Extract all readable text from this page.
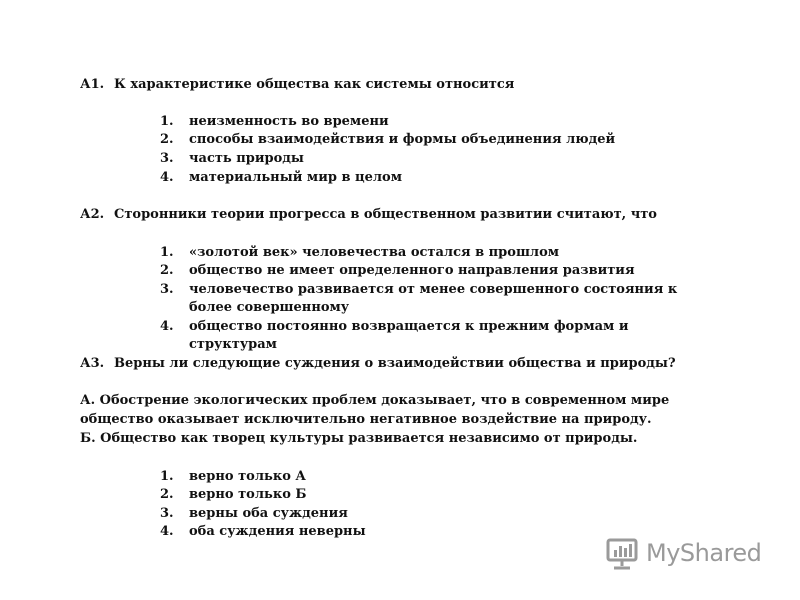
А1. К характеристике общества как системы относится
1. неизменность во времени
2. способы взаимодействия и формы объединения людей
3. часть природы
4. материальный мир в целом
А2. Сторонники теории прогресса в общественном развитии считают, что
1. «золотой век» человечества остался в прошлом
2. общество не имеет определенного направления развития
3. человечество развивается от менее совершенного состояния к
более совершенному
4. общество постоянно возвращается к прежним формам и
структурам
А3. Верны ли следующие суждения о взаимодействии общества и природы?
А. Обострение экологических проблем доказывает, что в современном мире
общество оказывает исключительно негативное воздействие на природу.
Б. Общество как творец культуры развивается независимо от природы.
1. верно только А
2. верно только Б
3. верны оба суждения
4. оба суждения неверны
MyShared
